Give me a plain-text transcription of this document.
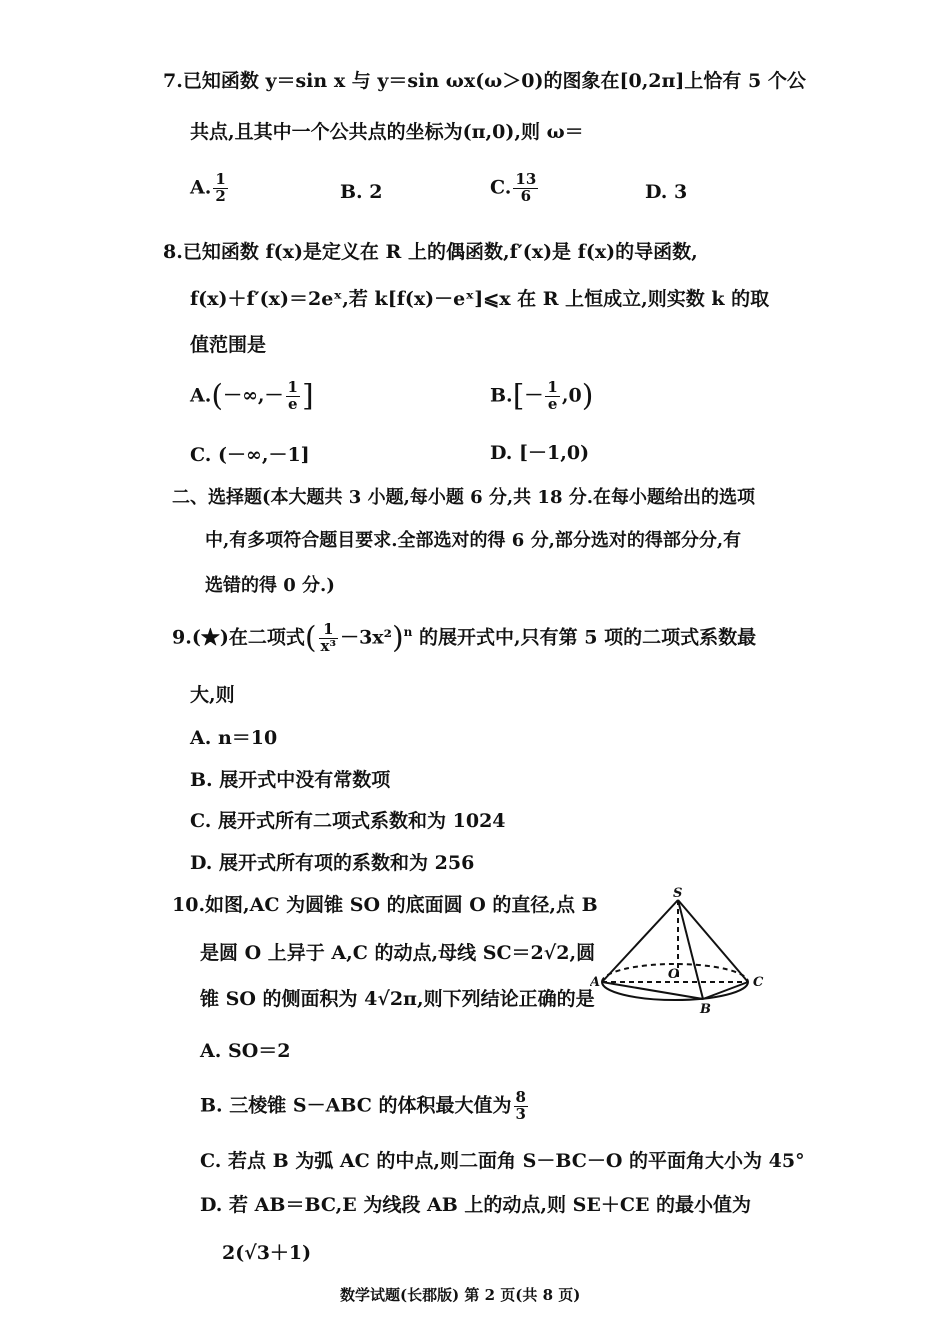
7.已知函数 y＝sin x 与 y＝sin ωx(ω＞0)的图象在[0,2π]上恰有 5 个公
共点,且其中一个公共点的坐标为(π,0),则 ω＝
A. $\frac{1}{2}$	B. 2	C. $\frac{13}{6}$	D. 3
8.已知函数 f(x)是定义在 R 上的偶函数,f′(x)是 f(x)的导函数,
f(x)＋f′(x)＝2eˣ,若 k[f(x)－eˣ]⩽x 在 R 上恒成立,则实数 k 的取
值范围是
$A.(-\infty,- \frac{1}{e}$ ]	$B.[- \frac{1}{e} ,0)$
C. (－∞,－1]	D. [－1,0)
二、选择题(本大题共 3 小题,每小题 6 分,共 18 分.在每小题给出的选项
中,有多项符合题目要求.全部选对的得 6 分,部分选对的得部分分,有
选错的得 0 分.)
9.(★)在二项式( $\frac{1}{\text{x³}} -3x^2)^n$ 的展开式中,只有第 5 项的二项式系数最
大,则
A. n＝10
B. 展开式中没有常数项
C. 展开式所有二项式系数和为 1024
D. 展开式所有项的系数和为 256
10.如图,AC 为圆锥 SO 的底面圆 O 的直径,点 B
是圆 O 上异于 A,C 的动点,母线 SC＝2√2,圆
锥 SO 的侧面积为 4√2π,则下列结论正确的是
S
A
O
C
B
A. SO＝2
B. 三棱锥 S－ABC 的体积最大值为 $\frac{8}{3}$
C. 若点 B 为弧 AC 的中点,则二面角 S－BC－O 的平面角大小为 45°
D. 若 AB＝BC,E 为线段 AB 上的动点,则 SE＋CE 的最小值为
2(√3＋1)
数学试题(长郡版) 第 2 页(共 8 页)
